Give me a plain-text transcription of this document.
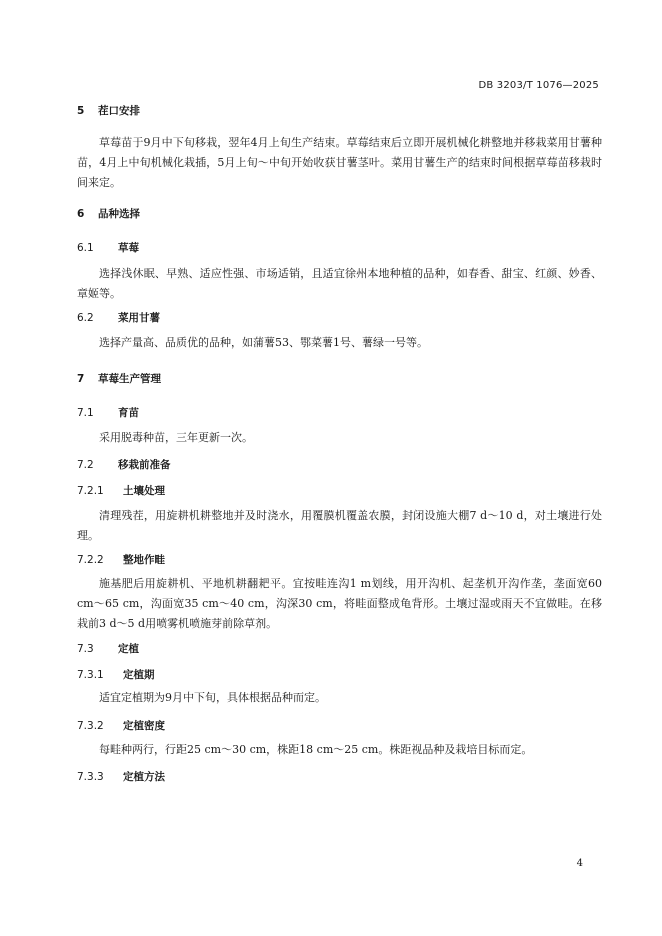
DB 3203/T 1076—2025
5 茬口安排
草莓苗于9月中下旬移栽，翌年4月上旬生产结束。草莓结束后立即开展机械化耕整地并移栽菜用甘薯种苗，4月上中旬机械化栽插，5月上旬～中旬开始收获甘薯茎叶。菜用甘薯生产的结束时间根据草莓苗移栽时间来定。
6 品种选择
6.1 草莓
选择浅休眠、早熟、适应性强、市场适销，且适宜徐州本地种植的品种，如春香、甜宝、红颜、妙香、章姬等。
6.2 菜用甘薯
选择产量高、品质优的品种，如蒲薯53、鄂菜薯1号、薯绿一号等。
7 草莓生产管理
7.1 育苗
采用脱毒种苗，三年更新一次。
7.2 移栽前准备
7.2.1 土壤处理
清理残茬，用旋耕机耕整地并及时浇水，用覆膜机覆盖农膜，封闭设施大棚7 d～10 d，对土壤进行处理。
7.2.2 整地作畦
施基肥后用旋耕机、平地机耕翻耙平。宜按畦连沟1 m划线，用开沟机、起垄机开沟作垄，垄面宽60 cm～65 cm，沟面宽35 cm～40 cm，沟深30 cm，将畦面整成龟背形。土壤过湿或雨天不宜做畦。在移栽前3 d～5 d用喷雾机喷施芽前除草剂。
7.3 定植
7.3.1 定植期
适宜定植期为9月中下旬，具体根据品种而定。
7.3.2 定植密度
每畦种两行，行距25 cm～30 cm，株距18 cm～25 cm。株距视品种及栽培目标而定。
7.3.3 定植方法
4
